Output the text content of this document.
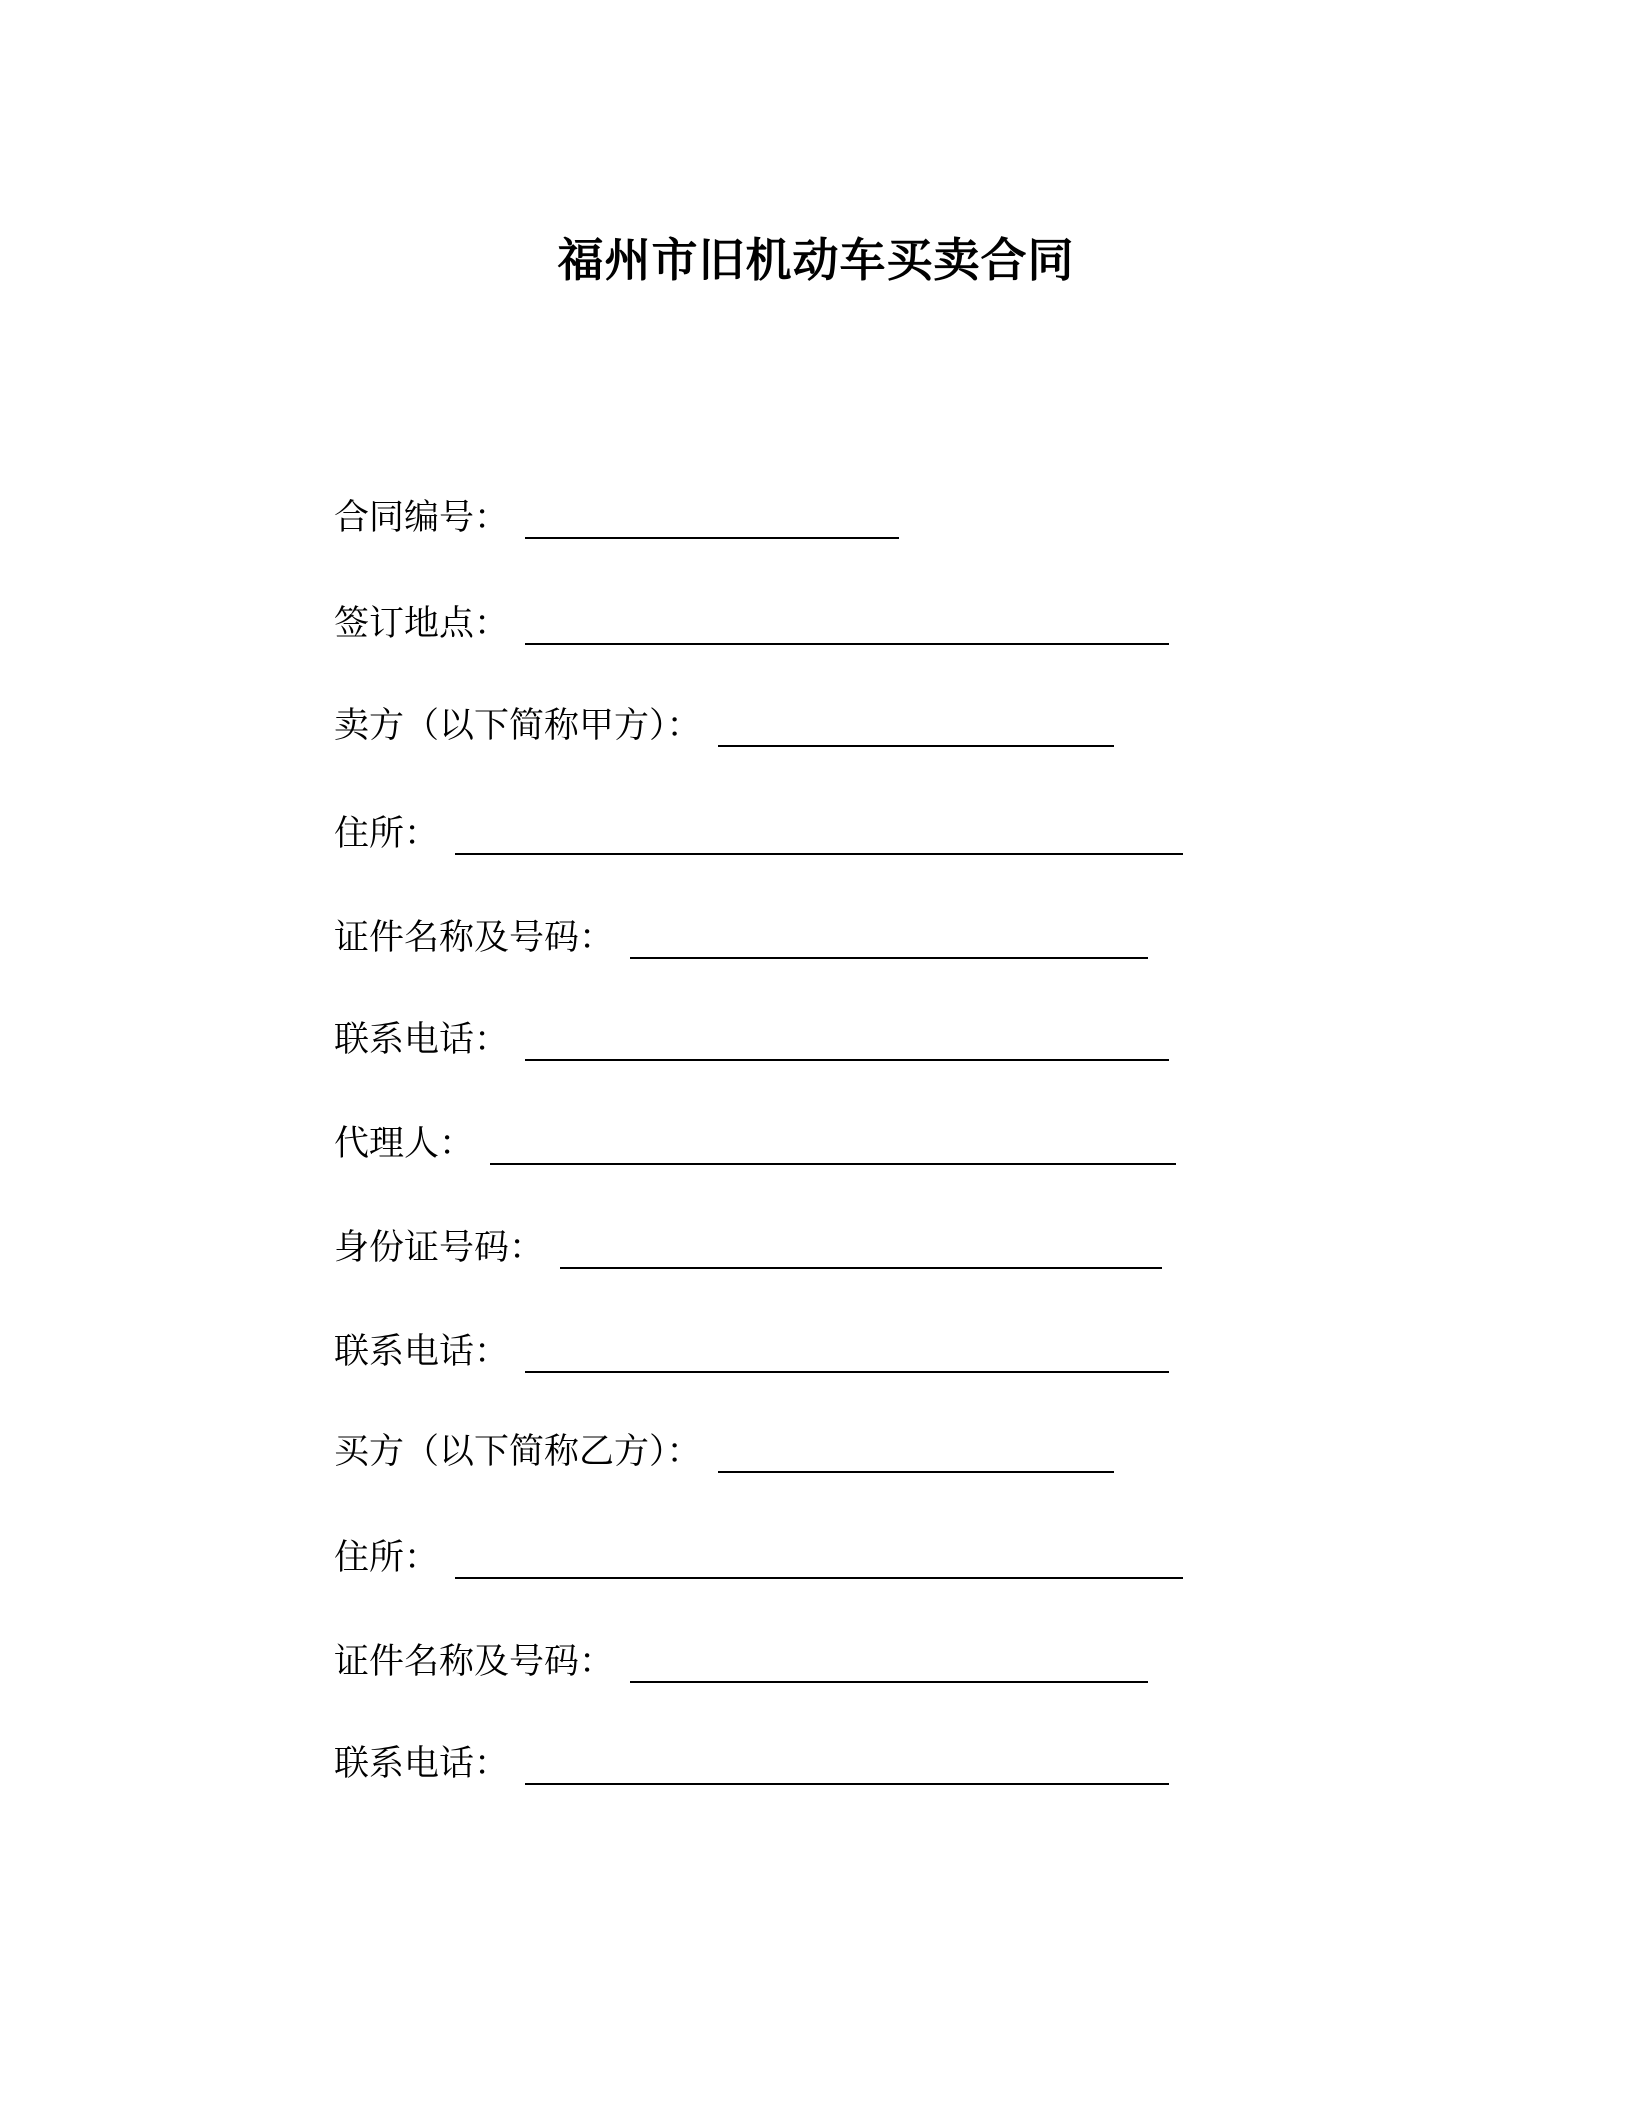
福州市旧机动车买卖合同
合同编号：
签订地点：
卖方（以下简称甲方）：
住所：
证件名称及号码：
联系电话：
代理人：
身份证号码：
联系电话：
买方（以下简称乙方）：
住所：
证件名称及号码：
联系电话：
